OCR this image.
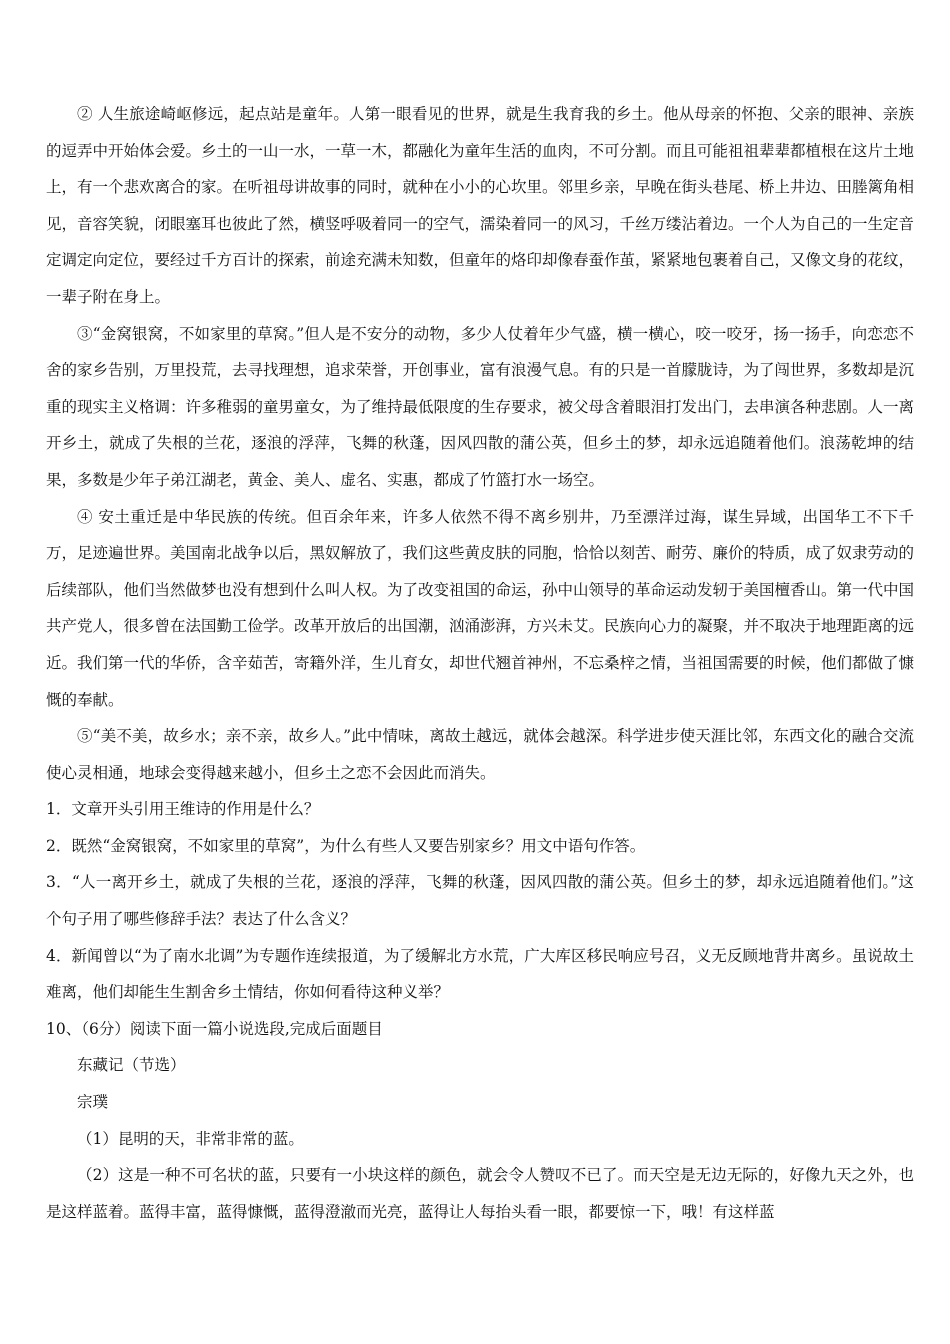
② 人生旅途崎岖修远，起点站是童年。人第一眼看见的世界，就是生我育我的乡土。他从母亲的怀抱、父亲的眼神、亲族的逗弄中开始体会爱。乡土的一山一水，一草一木，都融化为童年生活的血肉，不可分割。而且可能祖祖辈辈都植根在这片土地上，有一个悲欢离合的家。在听祖母讲故事的同时，就种在小小的心坎里。邻里乡亲，早晚在街头巷尾、桥上井边、田塍篱角相见，音容笑貌，闭眼塞耳也彼此了然，横竖呼吸着同一的空气，濡染着同一的风习，千丝万缕沾着边。一个人为自己的一生定音定调定向定位，要经过千方百计的探索，前途充满未知数，但童年的烙印却像春蚕作茧，紧紧地包裹着自己，又像文身的花纹，一辈子附在身上。

③“金窝银窝，不如家里的草窝。”但人是不安分的动物，多少人仗着年少气盛，横一横心，咬一咬牙，扬一扬手，向恋恋不舍的家乡告别，万里投荒，去寻找理想，追求荣誉，开创事业，富有浪漫气息。有的只是一首朦胧诗，为了闯世界，多数却是沉重的现实主义格调：许多稚弱的童男童女，为了维持最低限度的生存要求，被父母含着眼泪打发出门，去串演各种悲剧。人一离开乡土，就成了失根的兰花，逐浪的浮萍，飞舞的秋蓬，因风四散的蒲公英，但乡土的梦，却永远追随着他们。浪荡乾坤的结果，多数是少年子弟江湖老，黄金、美人、虚名、实惠，都成了竹篮打水一场空。

④ 安土重迁是中华民族的传统。但百余年来，许多人依然不得不离乡别井，乃至漂洋过海，谋生异域，出国华工不下千万，足迹遍世界。美国南北战争以后，黑奴解放了，我们这些黄皮肤的同胞，恰恰以刻苦、耐劳、廉价的特质，成了奴隶劳动的后续部队，他们当然做梦也没有想到什么叫人权。为了改变祖国的命运，孙中山领导的革命运动发轫于美国檀香山。第一代中国共产党人，很多曾在法国勤工俭学。改革开放后的出国潮，汹涌澎湃，方兴未艾。民族向心力的凝聚，并不取决于地理距离的远近。我们第一代的华侨，含辛茹苦，寄籍外洋，生儿育女，却世代翘首神州，不忘桑梓之情，当祖国需要的时候，他们都做了慷慨的奉献。

⑤“美不美，故乡水；亲不亲，故乡人。”此中情味，离故土越远，就体会越深。科学进步使天涯比邻，东西文化的融合交流使心灵相通，地球会变得越来越小，但乡土之恋不会因此而消失。

1．文章开头引用王维诗的作用是什么？

2．既然“金窝银窝，不如家里的草窝”，为什么有些人又要告别家乡？用文中语句作答。

3．“人一离开乡土，就成了失根的兰花，逐浪的浮萍，飞舞的秋蓬，因风四散的蒲公英。但乡土的梦，却永远追随着他们。”这个句子用了哪些修辞手法？表达了什么含义？

4．新闻曾以“为了南水北调”为专题作连续报道，为了缓解北方水荒，广大库区移民响应号召，义无反顾地背井离乡。虽说故土难离，他们却能生生割舍乡土情结，你如何看待这种义举？

10、（6分）阅读下面一篇小说选段,完成后面题目

东藏记（节选）

宗璞

（1）昆明的天，非常非常的蓝。

（2）这是一种不可名状的蓝，只要有一小块这样的颜色，就会令人赞叹不已了。而天空是无边无际的，好像九天之外，也是这样蓝着。蓝得丰富，蓝得慷慨，蓝得澄澈而光亮，蓝得让人每抬头看一眼，都要惊一下，哦！有这样蓝
